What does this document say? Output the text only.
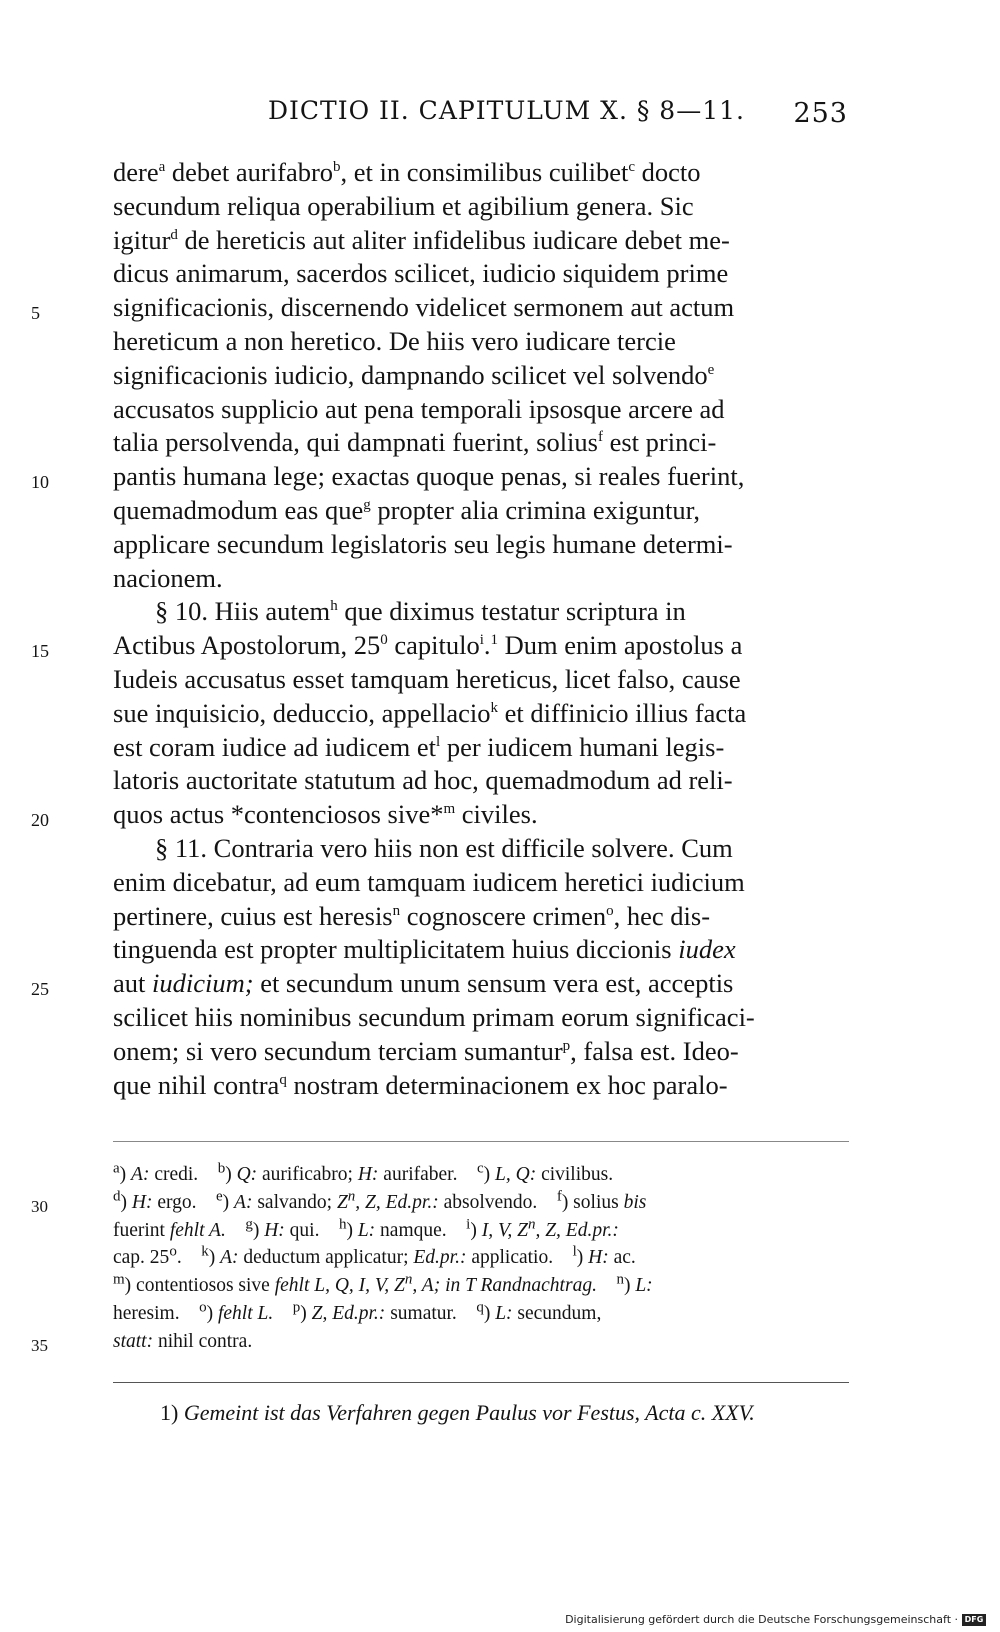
DICTIO II. CAPITULUM X. § 8—11. 253
dere$^a$ debet aurifabro$^b$, et in consimilibus cuilibet$^c$ docto
secundum reliqua operabilium et agibilium genera. Sic
igitur$^d$ de hereticis aut aliter infidelibus iudicare debet me-
dicus animarum, sacerdos scilicet, iudicio siquidem prime
5	significacionis, discernendo videlicet sermonem aut actum
hereticum a non heretico. De hiis vero iudicare tercie
significacionis iudicio, dampnando scilicet vel solvendo$^e$
accusatos supplicio aut pena temporali ipsosque arcere ad
talia persolvenda, qui dampnati fuerint, solius$^f$ est princi-
10	pantis humana lege; exactas quoque penas, si reales fuerint,
quemadmodum eas que$^g$ propter alia crimina exiguntur,
applicare secundum legislatoris seu legis humane determi-
nacionem.
§ 10. Hiis autem$^h$ que diximus testatur scriptura in
15	Actibus Apostolorum, $25^0$ capitulo$^i$.$^1$ Dum enim apostolus a
Iudeis accusatus esset tamquam hereticus, licet falso, cause
sue inquisicio, deduccio, appellacio$^k$ et diffinicio illius facta
est coram iudice ad iudicem $et^l$ per iudicem humani legis-
latoris auctoritate statutum ad hoc, quemadmodum ad reli-
20	quos actus *contenciosos sive*$^m$ civiles.
§ 11. Contraria vero hiis non est difficile solvere. Cum
enim dicebatur, ad eum tamquam iudicem heretici iudicium
pertinere, cuius est heresis$^n$ cognoscere crimen$^o$, hec dis-
tinguenda est propter multiplicitatem huius diccionis iudex
25	aut iudicium; et secundum unum sensum vera est, acceptis
scilicet hiis nominibus secundum primam eorum significaci-
onem; si vero secundum terciam sumantur$^p$, falsa est. Ideo-
que nihil contra$^q$ nostram determinacionem ex hoc paralo-
$^a$) A: credi.    $^b$) Q: aurificabro; H: aurifaber.    $^c$) L, Q: civilibus.
30
$^d$) H: ergo.    $^e$) A: salvando; $Z^n$, Z, Ed.pr.: absolvendo.    $^f$) solius bis
fuerint fehlt A. $^g$) H: qui.    $^h$) L: namque.    $^i$) I, V, $Z^n$, Z, Ed.pr.:
cap. 25$^o$.    $^k$) A: deductum applicatur; Ed.pr.: applicatio.    $^l$) H: ac.
$^m$) contentiosos sive fehlt L, Q, I, V, $Z^n$, A; in T Randnachtrag. $^n$) L:
heresim.    $^o$) fehlt L. $^p$) Z, Ed.pr.: sumatur.    $^q$) L: secundum,
35	statt: nihil contra.
1) Gemeint ist das Verfahren gegen Paulus vor Festus, Acta c. XXV.
Digitalisierung gefördert durch die Deutsche Forschungsgemeinschaft · DFG
